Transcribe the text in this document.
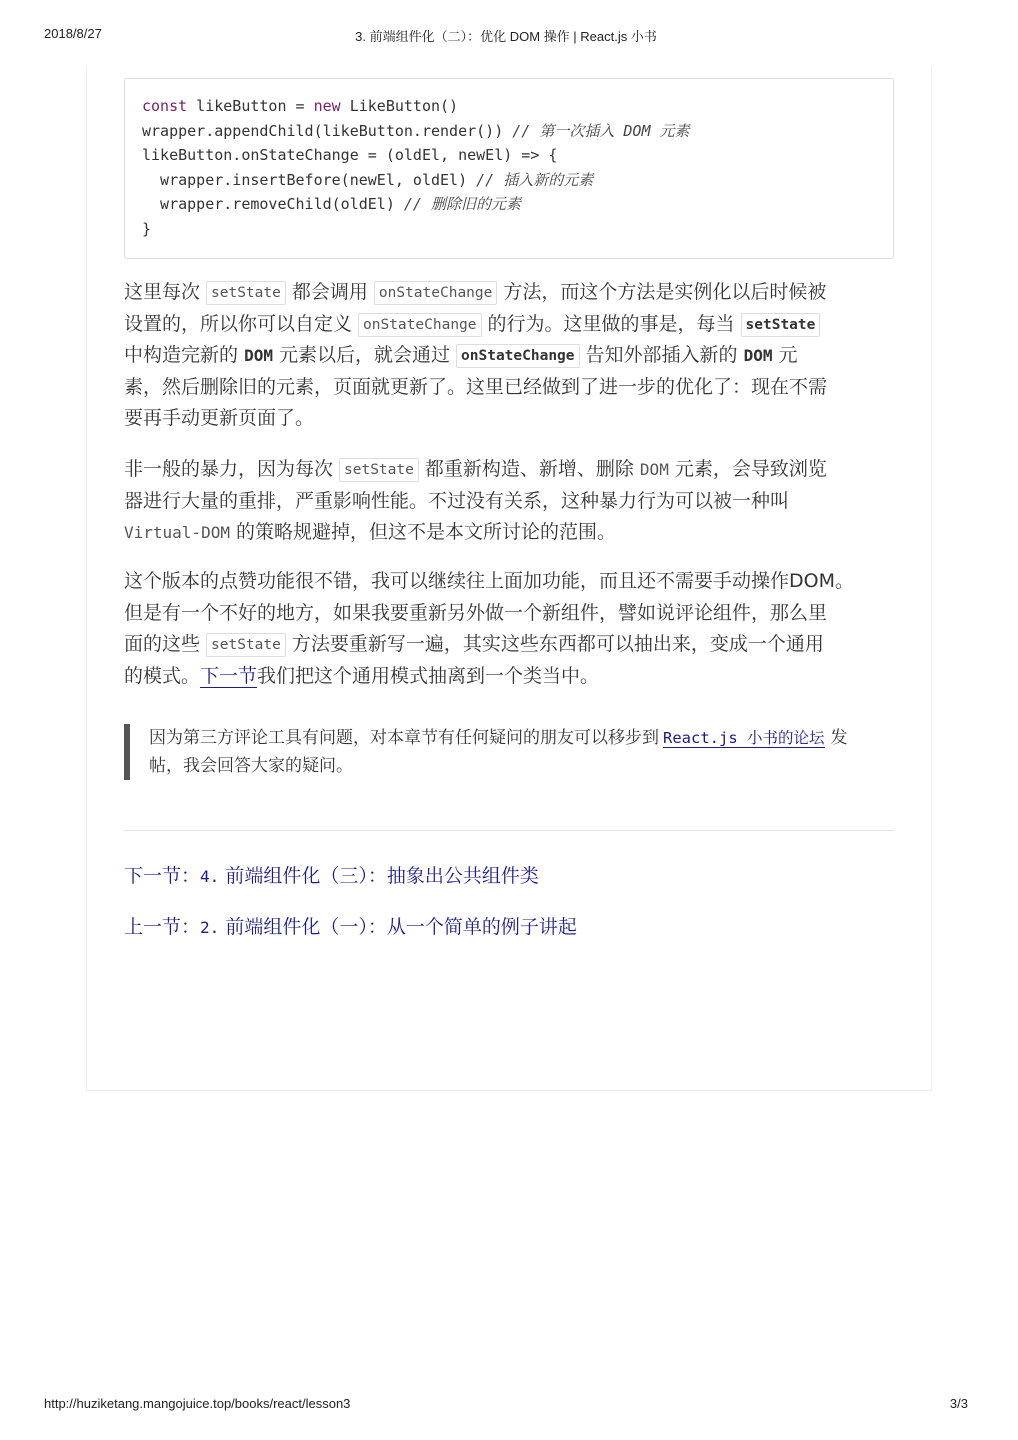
2018/8/27	3. 前端组件化（二）：优化 DOM 操作 | React.js 小书
const likeButton = new LikeButton()
wrapper.appendChild(likeButton.render()) // 第一次插入 DOM 元素
likeButton.onStateChange = (oldEl, newEl) => {
wrapper.insertBefore(newEl, oldEl) // 插入新的元素
wrapper.removeChild(oldEl) // 删除旧的元素
}
这里每次 setState 都会调用 onStateChange 方法，而这个方法是实例化以后时候被
设置的，所以你可以自定义 onStateChange 的行为。这里做的事是，每当 setState
中构造完新的 DOM 元素以后，就会通过 onStateChange 告知外部插入新的 DOM 元
素，然后删除旧的元素，页面就更新了。这里已经做到了进一步的优化了：现在不需
要再手动更新页面了。
非一般的暴力，因为每次 setState 都重新构造、新增、删除 DOM 元素，会导致浏览
器进行大量的重排，严重影响性能。不过没有关系，这种暴力行为可以被一种叫
Virtual-DOM 的策略规避掉，但这不是本文所讨论的范围。
这个版本的点赞功能很不错，我可以继续往上面加功能，而且还不需要手动操作DOM。
但是有一个不好的地方，如果我要重新另外做一个新组件，譬如说评论组件，那么里
面的这些 setState 方法要重新写一遍，其实这些东西都可以抽出来，变成一个通用
的模式。下一节我们把这个通用模式抽离到一个类当中。
因为第三方评论工具有问题，对本章节有任何疑问的朋友可以移步到 React.js 小书的论坛 发
帖，我会回答大家的疑问。
下一节：4. 前端组件化（三）：抽象出公共组件类
上一节：2. 前端组件化（一）：从一个简单的例子讲起
http://huziketang.mangojuice.top/books/react/lesson3	3/3
